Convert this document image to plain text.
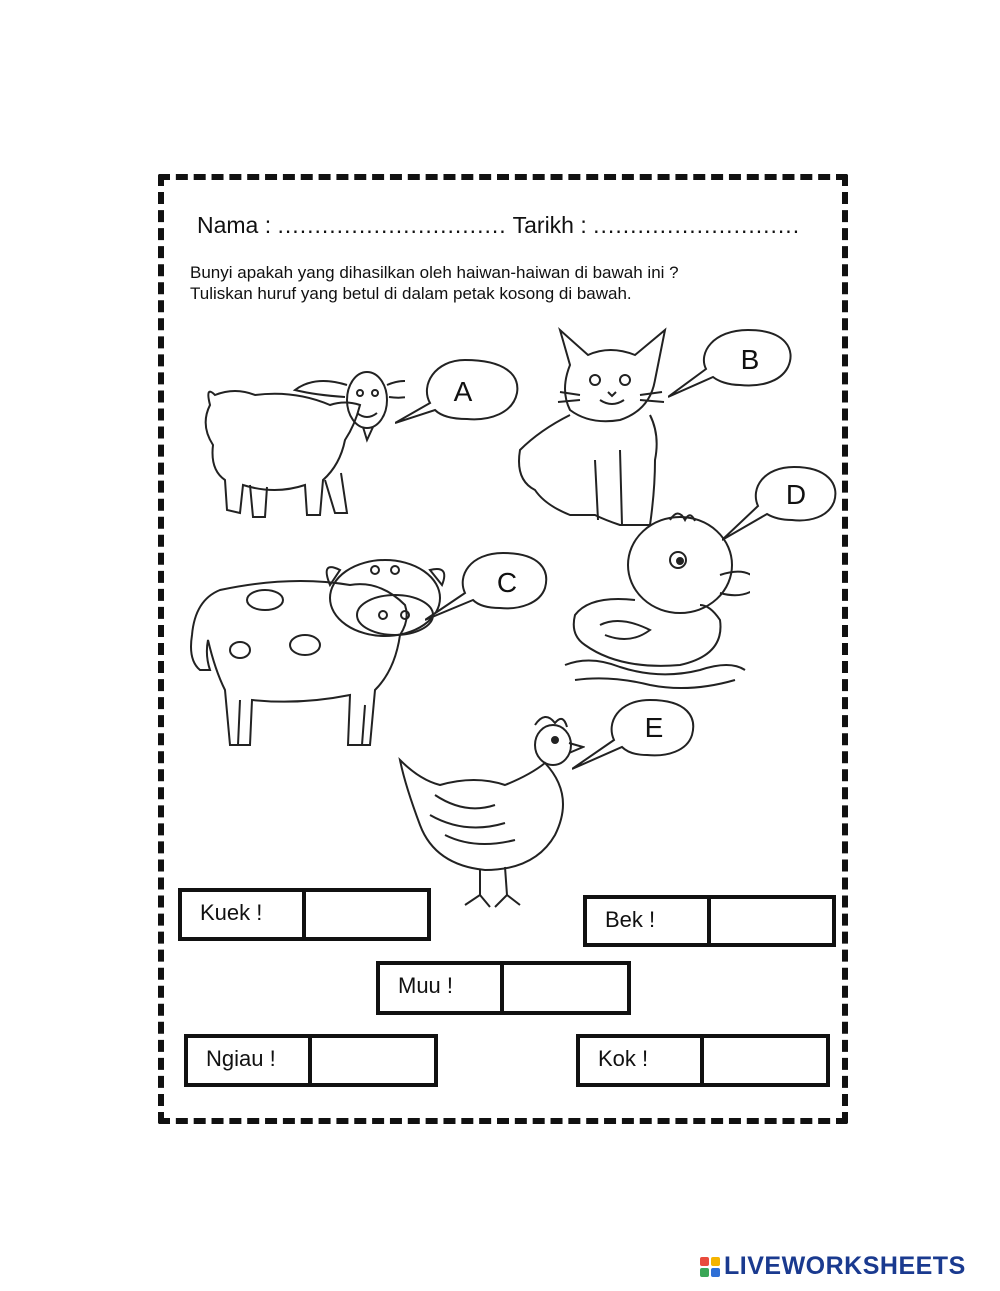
Nama : ............................... Tarikh : ............................
Bunyi apakah yang dihasilkan oleh haiwan-haiwan di bawah ini ?
Tuliskan huruf yang betul di dalam petak kosong di bawah.
A
B
C
D
E
Kuek !	Bek !
Muu !
Ngiau !	Kok !
LIVEWORKSHEETS
